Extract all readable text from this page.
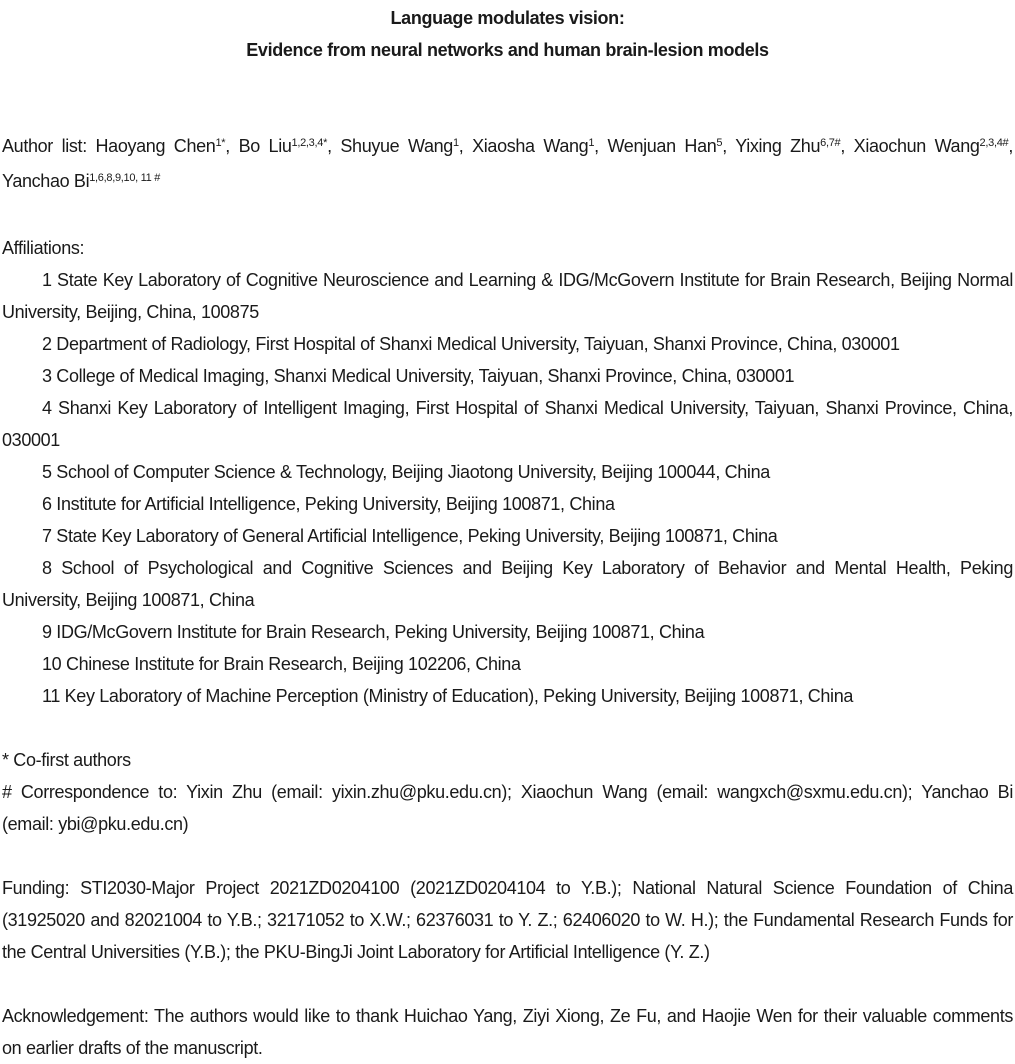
Language modulates vision:
Evidence from neural networks and human brain-lesion models
Author list: Haoyang Chen$^{1*}$, Bo Liu$^{1,2,3,4*}$, Shuyue Wang$^1$, Xiaosha Wang$^1$, Wenjuan Han$^5$, Yixing Zhu$^{6,7\#}$, Xiaochun Wang$^{2,3,4\#}$, Yanchao $Bi^{1,6,8,9,10, 11 \#}$
Affiliations:
1 State Key Laboratory of Cognitive Neuroscience and Learning & IDG/McGovern Institute for Brain Research, Beijing Normal University, Beijing, China, 100875
2 Department of Radiology, First Hospital of Shanxi Medical University, Taiyuan, Shanxi Province, China, 030001
3 College of Medical Imaging, Shanxi Medical University, Taiyuan, Shanxi Province, China, 030001
4 Shanxi Key Laboratory of Intelligent Imaging, First Hospital of Shanxi Medical University, Taiyuan, Shanxi Province, China, 030001
5 School of Computer Science & Technology, Beijing Jiaotong University, Beijing 100044, China
6 Institute for Artificial Intelligence, Peking University, Beijing 100871, China
7 State Key Laboratory of General Artificial Intelligence, Peking University, Beijing 100871, China
8 School of Psychological and Cognitive Sciences and Beijing Key Laboratory of Behavior and Mental Health, Peking University, Beijing 100871, China
9 IDG/McGovern Institute for Brain Research, Peking University, Beijing 100871, China
10 Chinese Institute for Brain Research, Beijing 102206, China
11 Key Laboratory of Machine Perception (Ministry of Education), Peking University, Beijing 100871, China
* Co-first authors
# Correspondence to: Yixin Zhu (email: yixin.zhu@pku.edu.cn); Xiaochun Wang (email: wangxch@sxmu.edu.cn); Yanchao Bi (email: ybi@pku.edu.cn)
Funding: STI2030-Major Project 2021ZD0204100 (2021ZD0204104 to Y.B.); National Natural Science Foundation of China (31925020 and 82021004 to Y.B.; 32171052 to X.W.; 62376031 to Y. Z.; 62406020 to W. H.); the Fundamental Research Funds for the Central Universities (Y.B.); the PKU-BingJi Joint Laboratory for Artificial Intelligence (Y. Z.)
Acknowledgement: The authors would like to thank Huichao Yang, Ziyi Xiong, Ze Fu, and Haojie Wen for their valuable comments on earlier drafts of the manuscript.
